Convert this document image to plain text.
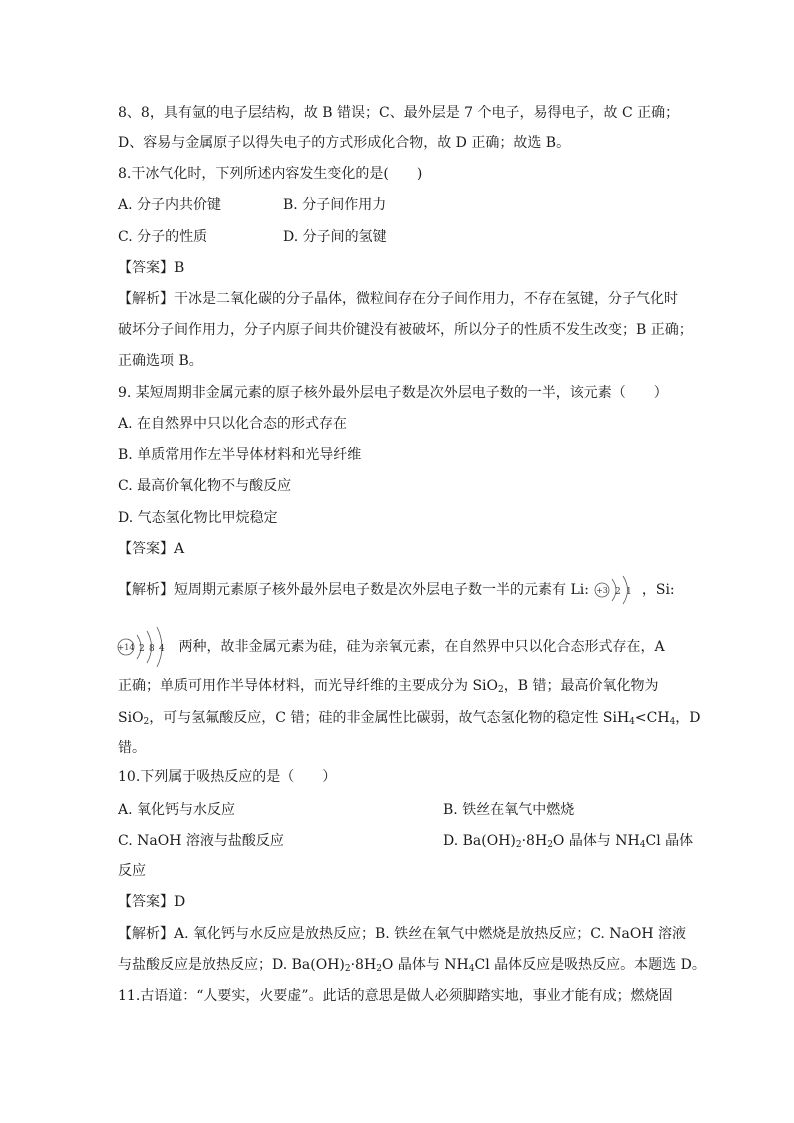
8、8，具有氩的电子层结构，故 B 错误；C、最外层是 7 个电子，易得电子，故 C 正确；
D、容易与金属原子以得失电子的方式形成化合物，故 D 正确；故选 B。
8.干冰气化时，下列所述内容发生变化的是(　　)
A. 分子内共价键	B. 分子间作用力
C. 分子的性质	D. 分子间的氢键
【答案】B
【解析】干冰是二氧化碳的分子晶体，微粒间存在分子间作用力，不存在氢键，分子气化时
破坏分子间作用力，分子内原子间共价键没有被破坏，所以分子的性质不发生改变；B 正确；
正确选项 B。
9. 某短周期非金属元素的原子核外最外层电子数是次外层电子数的一半，该元素（　　）
A. 在自然界中只以化合态的形式存在
B. 单质常用作左半导体材料和光导纤维
C. 最高价氧化物不与酸反应
D. 气态氢化物比甲烷稳定
【答案】A
【解析】短周期元素原子核外最外层电子数是次外层电子数一半的元素有 Li: +3 2 1 ，Si:
+14 2 8 4 两种，故非金属元素为硅，硅为亲氧元素，在自然界中只以化合态形式存在，A
正确；单质可用作半导体材料，而光导纤维的主要成分为 SiO$_2$，B 错；最高价氧化物为
SiO$_2$，可与氢氟酸反应，C 错；硅的非金属性比碳弱，故气态氢化物的稳定性 $SiH_4<CH_4$，D
错。
10.下列属于吸热反应的是（　　）
A. 氧化钙与水反应	B. 铁丝在氧气中燃烧
C. NaOH 溶液与盐酸反应	D. $Ba(OH)_2\cdot 8H_2O$ 晶体与 $NH_4Cl$ 晶体
反应
【答案】D
【解析】A. 氧化钙与水反应是放热反应；B. 铁丝在氧气中燃烧是放热反应；C. NaOH 溶液
与盐酸反应是放热反应；D. $Ba(OH)_2\cdot 8H_2O$ 晶体与 $NH_4Cl$ 晶体反应是吸热反应。本题选 D。
11.古语道：“人要实，火要虚”。此话的意思是做人必须脚踏实地，事业才能有成；燃烧固
